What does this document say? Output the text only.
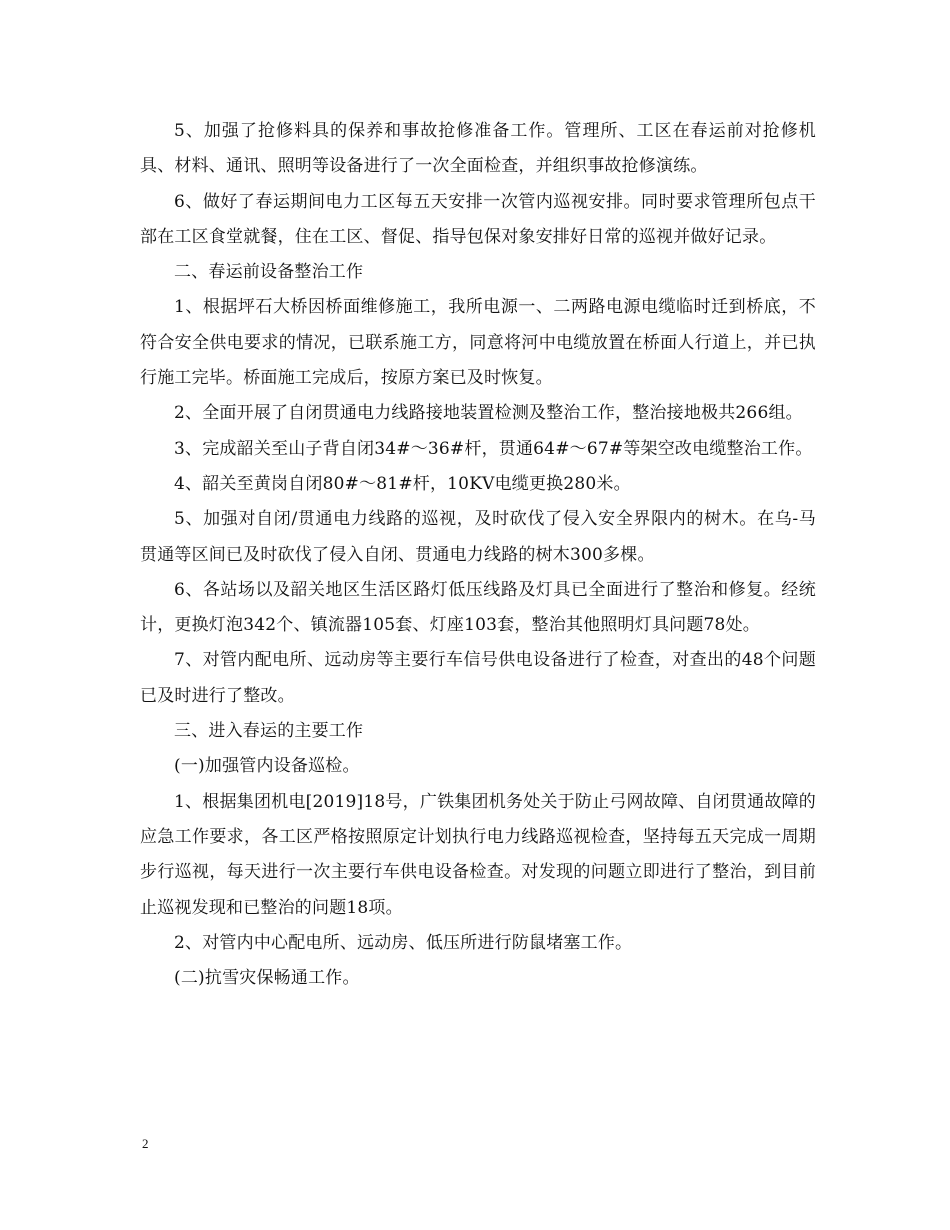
5、加强了抢修料具的保养和事故抢修准备工作。管理所、工区在春运前对抢修机具、材料、通讯、照明等设备进行了一次全面检查，并组织事故抢修演练。

6、做好了春运期间电力工区每五天安排一次管内巡视安排。同时要求管理所包点干部在工区食堂就餐，住在工区、督促、指导包保对象安排好日常的巡视并做好记录。

二、春运前设备整治工作

1、根据坪石大桥因桥面维修施工，我所电源一、二两路电源电缆临时迁到桥底，不符合安全供电要求的情况，已联系施工方，同意将河中电缆放置在桥面人行道上，并已执行施工完毕。桥面施工完成后，按原方案已及时恢复。

2、全面开展了自闭贯通电力线路接地装置检测及整治工作，整治接地极共266组。

3、完成韶关至山子背自闭34#～36#杆，贯通64#～67#等架空改电缆整治工作。

4、韶关至黄岗自闭80#～81#杆，10KV电缆更换280米。

5、加强对自闭/贯通电力线路的巡视，及时砍伐了侵入安全界限内的树木。在乌-马贯通等区间已及时砍伐了侵入自闭、贯通电力线路的树木300多棵。

6、各站场以及韶关地区生活区路灯低压线路及灯具已全面进行了整治和修复。经统计，更换灯泡342个、镇流器105套、灯座103套，整治其他照明灯具问题78处。

7、对管内配电所、远动房等主要行车信号供电设备进行了检查，对查出的48个问题已及时进行了整改。

三、进入春运的主要工作

(一)加强管内设备巡检。

1、根据集团机电[2019]18号，广铁集团机务处关于防止弓网故障、自闭贯通故障的应急工作要求，各工区严格按照原定计划执行电力线路巡视检查，坚持每五天完成一周期步行巡视，每天进行一次主要行车供电设备检查。对发现的问题立即进行了整治，到目前止巡视发现和已整治的问题18项。

2、对管内中心配电所、远动房、低压所进行防鼠堵塞工作。

(二)抗雪灾保畅通工作。

2
